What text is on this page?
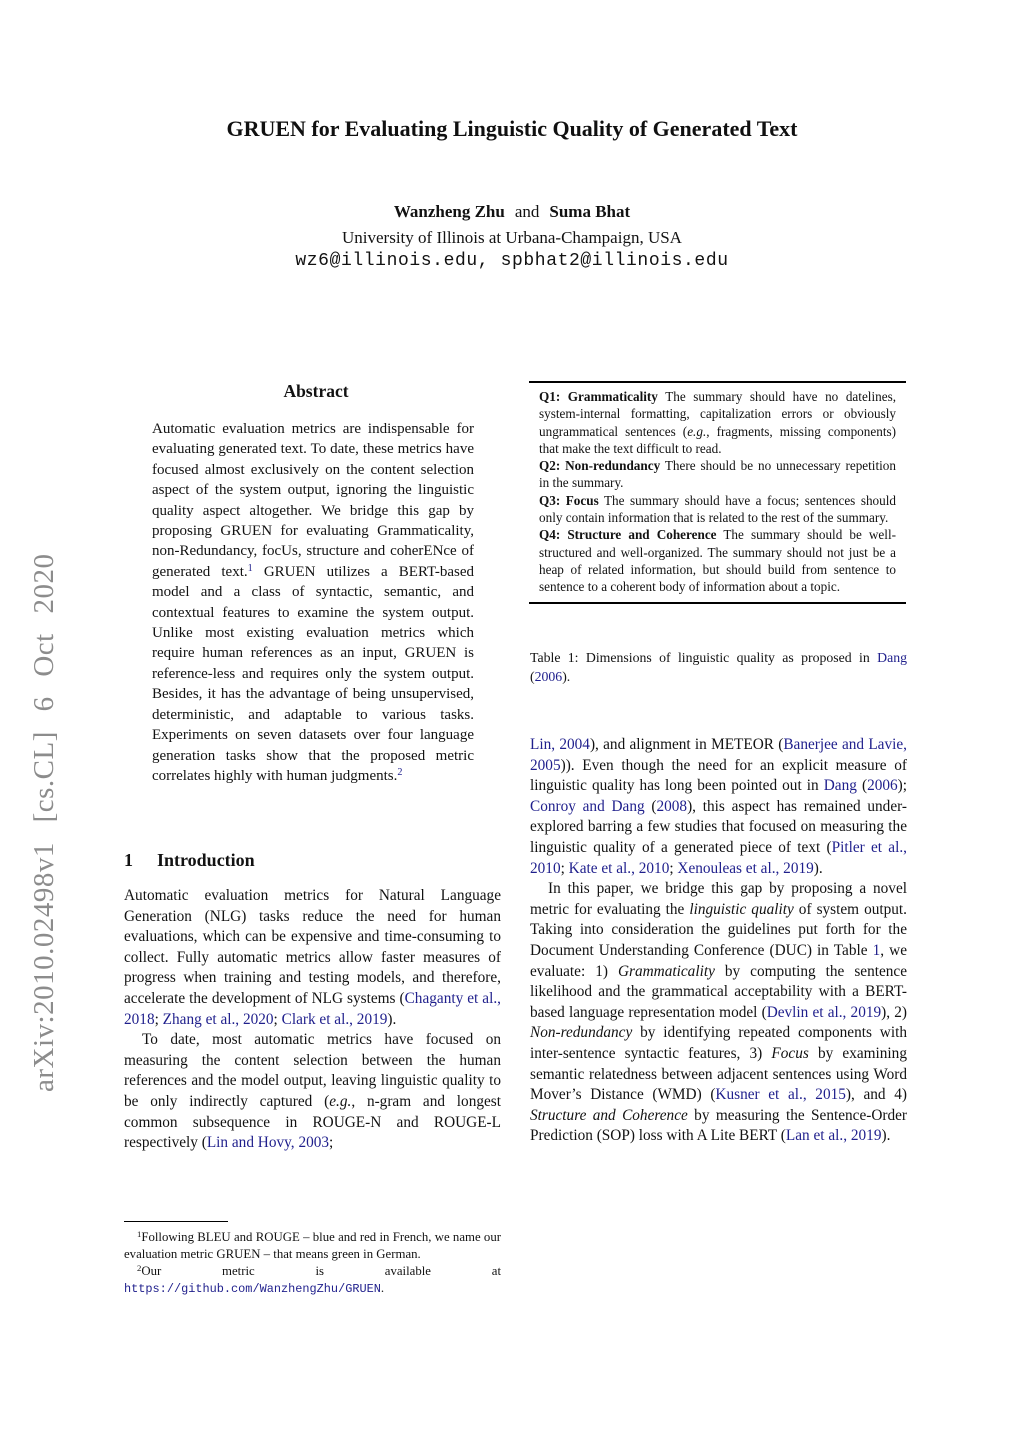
arXiv:2010.02498v1 [cs.CL] 6 Oct 2020
GRUEN for Evaluating Linguistic Quality of Generated Text
Wanzheng Zhu and Suma Bhat
University of Illinois at Urbana-Champaign, USA
wz6@illinois.edu, spbhat2@illinois.edu
Abstract

Automatic evaluation metrics are indispensable for evaluating generated text. To date, these metrics have focused almost exclusively on the content selection aspect of the system output, ignoring the linguistic quality aspect altogether. We bridge this gap by proposing GRUEN for evaluating Grammaticality, non-Redundancy, focUs, structure and coherENce of generated text.$^1$ GRUEN utilizes a BERT-based model and a class of syntactic, semantic, and contextual features to examine the system output. Unlike most existing evaluation metrics which require human references as an input, GRUEN is reference-less and requires only the system output. Besides, it has the advantage of being unsupervised, deterministic, and adaptable to various tasks. Experiments on seven datasets over four language generation tasks show that the proposed metric correlates highly with human judgments.$^2$

1 Introduction

Automatic evaluation metrics for Natural Language Generation (NLG) tasks reduce the need for human evaluations, which can be expensive and time-consuming to collect. Fully automatic metrics allow faster measures of progress when training and testing models, and therefore, accelerate the development of NLG systems (Chaganty et al., 2018; Zhang et al., 2020; Clark et al., 2019).

To date, most automatic metrics have focused on measuring the content selection between the human references and the model output, leaving linguistic quality to be only indirectly captured (e.g., n-gram and longest common subsequence in ROUGE-N and ROUGE-L respectively (Lin and Hovy, 2003;

$^1$Following BLEU and ROUGE – blue and red in French, we name our evaluation metric GRUEN – that means green in German.

$^2$Our metric is available at https://github.com/WanzhengZhu/GRUEN.

Q1: Grammaticality The summary should have no datelines, system-internal formatting, capitalization errors or obviously ungrammatical sentences (e.g., fragments, missing components) that make the text difficult to read.

Q2: Non-redundancy There should be no unnecessary repetition in the summary.

Q3: Focus The summary should have a focus; sentences should only contain information that is related to the rest of the summary.

Q4: Structure and Coherence The summary should be well-structured and well-organized. The summary should not just be a heap of related information, but should build from sentence to sentence to a coherent body of information about a topic.

Table 1: Dimensions of linguistic quality as proposed in Dang (2006).

Lin, 2004), and alignment in METEOR (Banerjee and Lavie, 2005)). Even though the need for an explicit measure of linguistic quality has long been pointed out in Dang (2006); Conroy and Dang (2008), this aspect has remained under-explored barring a few studies that focused on measuring the linguistic quality of a generated piece of text (Pitler et al., 2010; Kate et al., 2010; Xenouleas et al., 2019).

In this paper, we bridge this gap by proposing a novel metric for evaluating the linguistic quality of system output. Taking into consideration the guidelines put forth for the Document Understanding Conference (DUC) in Table 1, we evaluate: 1) Grammaticality by computing the sentence likelihood and the grammatical acceptability with a BERT-based language representation model (Devlin et al., 2019), 2) Non-redundancy by identifying repeated components with inter-sentence syntactic features, 3) Focus by examining semantic relatedness between adjacent sentences using Word Mover’s Distance (WMD) (Kusner et al., 2015), and 4) Structure and Coherence by measuring the Sentence-Order Prediction (SOP) loss with A Lite BERT (Lan et al., 2019).
